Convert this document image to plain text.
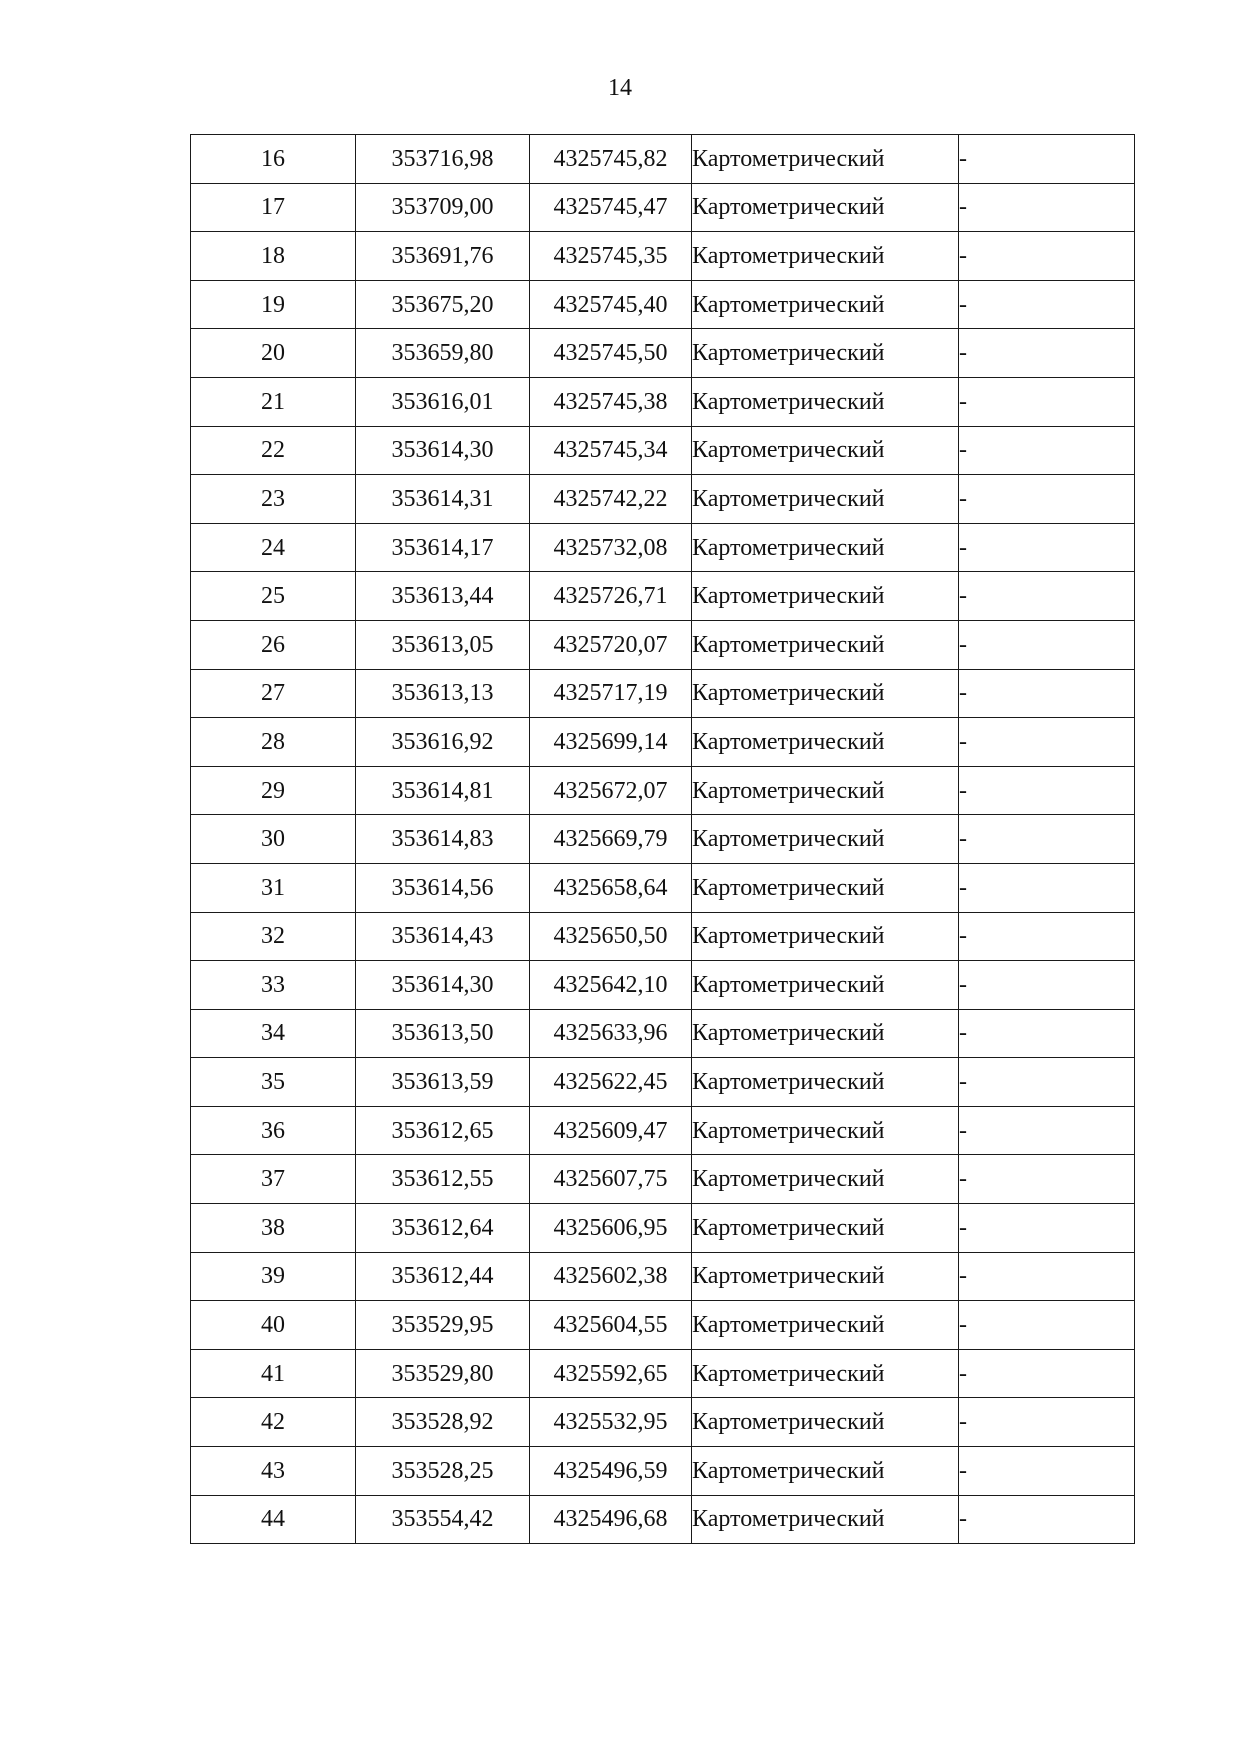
14
16	353716,98	4325745,82	Картометрический	-
17	353709,00	4325745,47	Картометрический	-
18	353691,76	4325745,35	Картометрический	-
19	353675,20	4325745,40	Картометрический	-
20	353659,80	4325745,50	Картометрический	-
21	353616,01	4325745,38	Картометрический	-
22	353614,30	4325745,34	Картометрический	-
23	353614,31	4325742,22	Картометрический	-
24	353614,17	4325732,08	Картометрический	-
25	353613,44	4325726,71	Картометрический	-
26	353613,05	4325720,07	Картометрический	-
27	353613,13	4325717,19	Картометрический	-
28	353616,92	4325699,14	Картометрический	-
29	353614,81	4325672,07	Картометрический	-
30	353614,83	4325669,79	Картометрический	-
31	353614,56	4325658,64	Картометрический	-
32	353614,43	4325650,50	Картометрический	-
33	353614,30	4325642,10	Картометрический	-
34	353613,50	4325633,96	Картометрический	-
35	353613,59	4325622,45	Картометрический	-
36	353612,65	4325609,47	Картометрический	-
37	353612,55	4325607,75	Картометрический	-
38	353612,64	4325606,95	Картометрический	-
39	353612,44	4325602,38	Картометрический	-
40	353529,95	4325604,55	Картометрический	-
41	353529,80	4325592,65	Картометрический	-
42	353528,92	4325532,95	Картометрический	-
43	353528,25	4325496,59	Картометрический	-
44	353554,42	4325496,68	Картометрический	-
